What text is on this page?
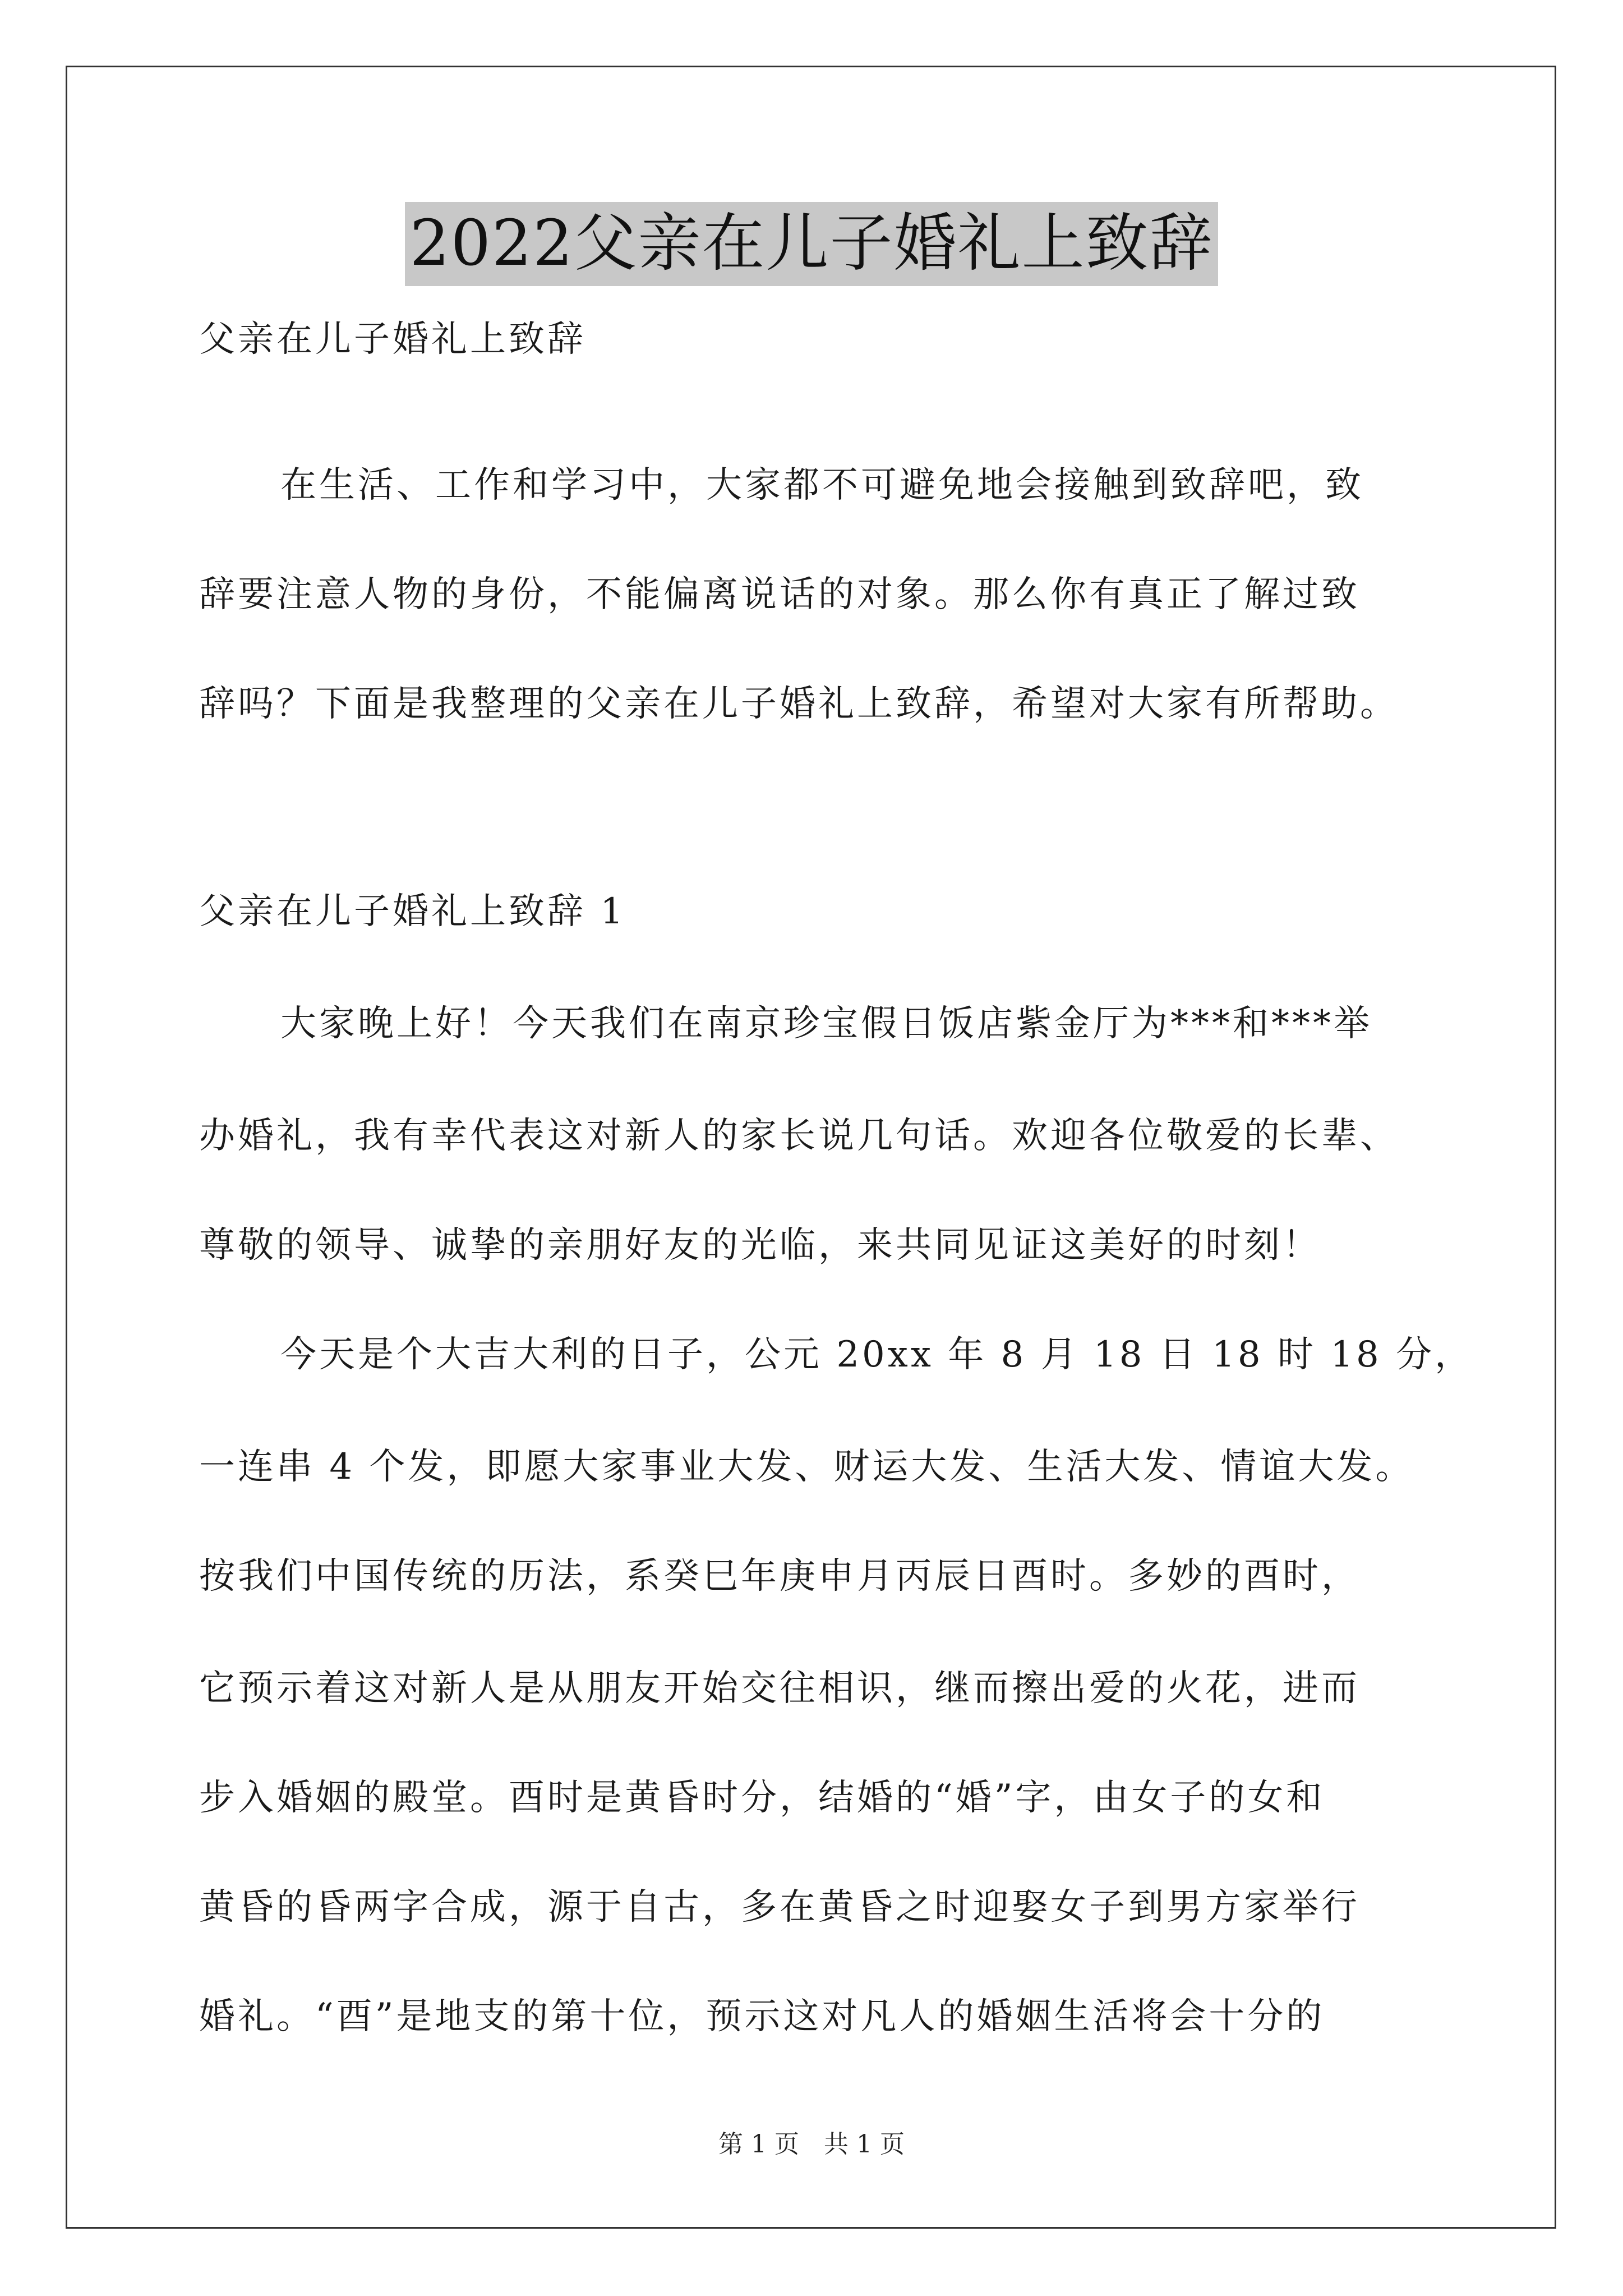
2022父亲在儿子婚礼上致辞
父亲在儿子婚礼上致辞
在生活、工作和学习中，大家都不可避免地会接触到致辞吧，致
辞要注意人物的身份，不能偏离说话的对象。那么你有真正了解过致
辞吗？下面是我整理的父亲在儿子婚礼上致辞，希望对大家有所帮助。
父亲在儿子婚礼上致辞 1
大家晚上好！今天我们在南京珍宝假日饭店紫金厅为***和***举
办婚礼，我有幸代表这对新人的家长说几句话。欢迎各位敬爱的长辈、
尊敬的领导、诚挚的亲朋好友的光临，来共同见证这美好的时刻！
今天是个大吉大利的日子，公元 20xx 年 8 月 18 日 18 时 18 分，
一连串 4 个发，即愿大家事业大发、财运大发、生活大发、情谊大发。
按我们中国传统的历法，系癸巳年庚申月丙辰日酉时。多妙的酉时，
它预示着这对新人是从朋友开始交往相识，继而擦出爱的火花，进而
步入婚姻的殿堂。酉时是黄昏时分，结婚的“婚”字，由女子的女和
黄昏的昏两字合成，源于自古，多在黄昏之时迎娶女子到男方家举行
婚礼。“酉”是地支的第十位，预示这对凡人的婚姻生活将会十分的
第 1 页　共 1 页
